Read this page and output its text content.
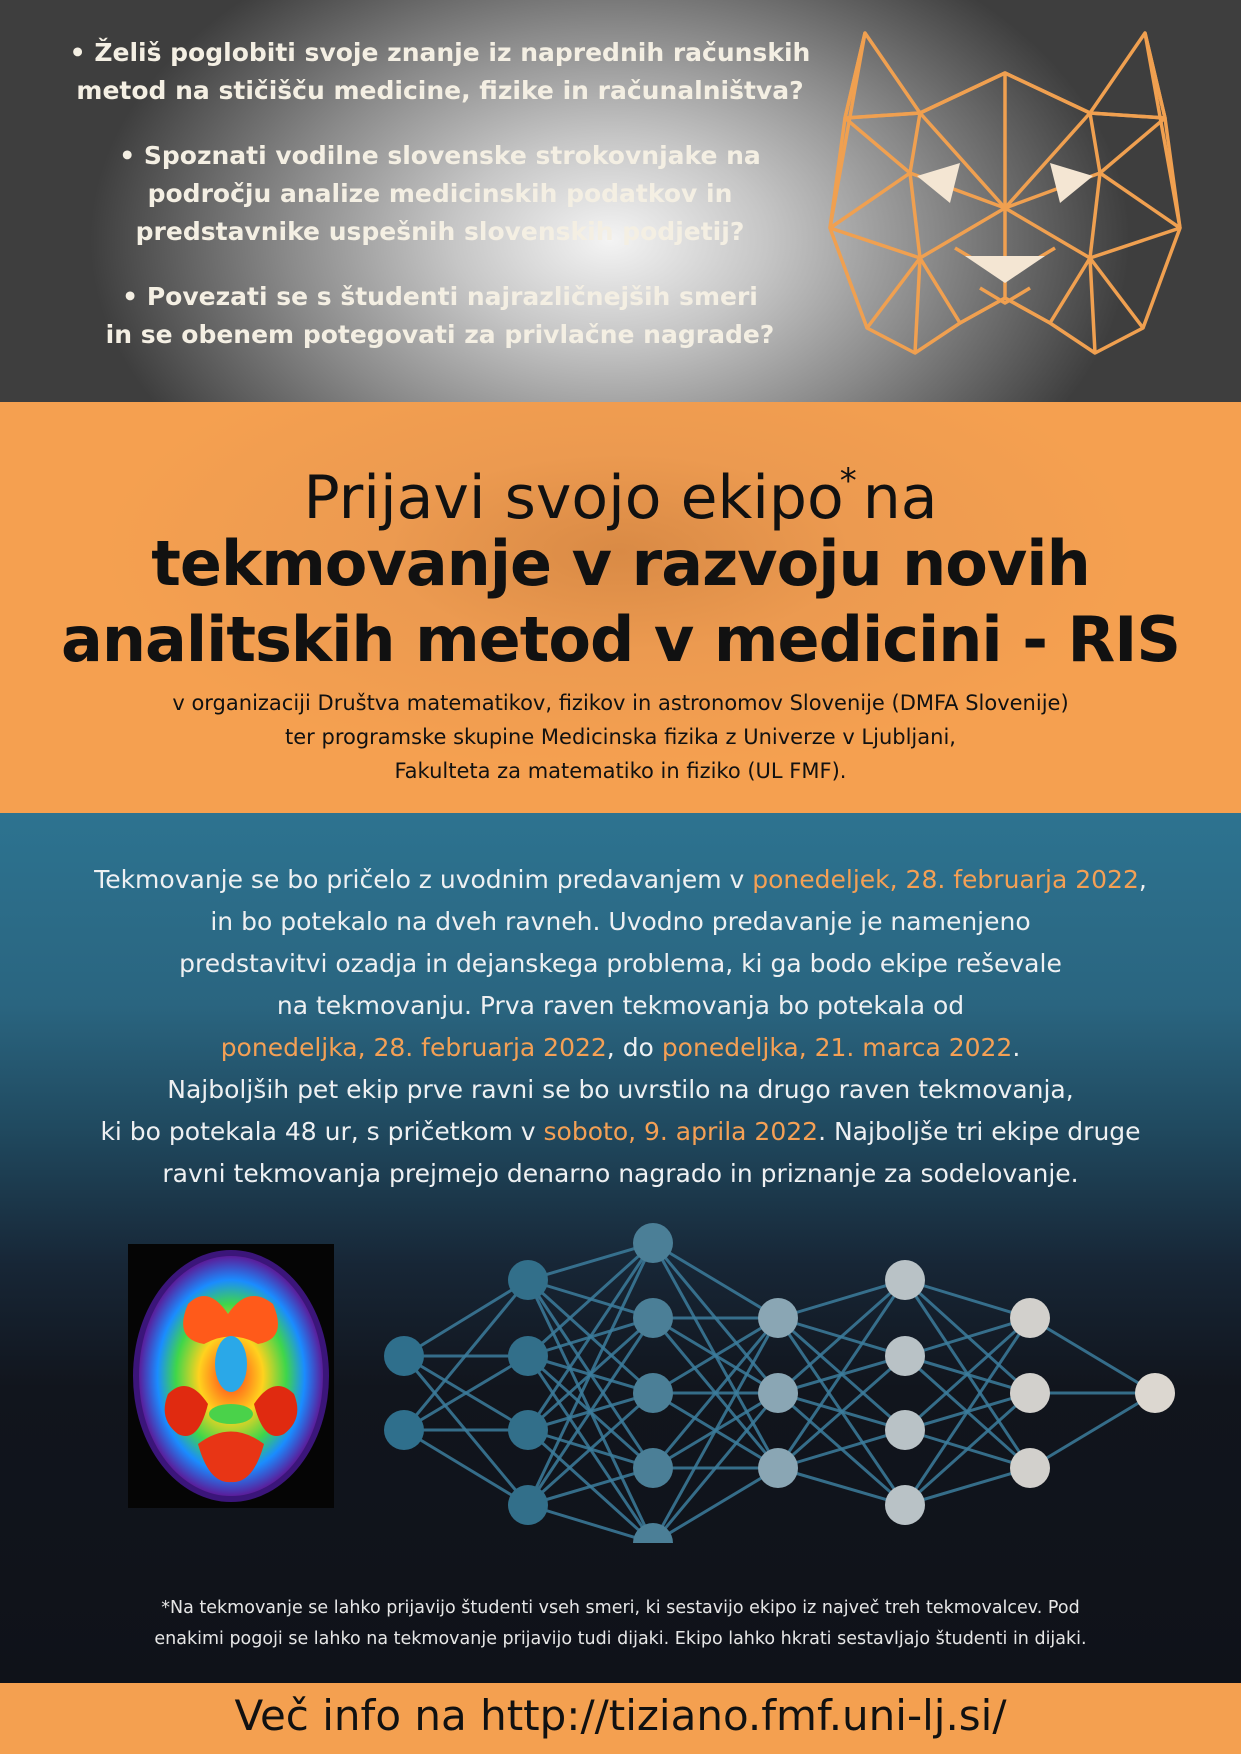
• Želiš poglobiti svoje znanje iz naprednih računskih
metod na stičišču medicine, fizike in računalništva?

• Spoznati vodilne slovenske strokovnjake na
področju analize medicinskih podatkov in
predstavnike uspešnih slovenskih podjetij?

• Povezati se s študenti najrazličnejših smeri
in se obenem potegovati za privlačne nagrade?

Prijavi svojo ekipo* na
tekmovanje v razvoju novih
analitskih metod v medicini - RIS
v organizaciji Društva matematikov, fizikov in astronomov Slovenije (DMFA Slovenije)
ter programske skupine Medicinska fizika z Univerze v Ljubljani,
Fakulteta za matematiko in fiziko (UL FMF).

Tekmovanje se bo pričelo z uvodnim predavanjem v ponedeljek, 28. februarja 2022,

in bo potekalo na dveh ravneh. Uvodno predavanje je namenjeno

predstavitvi ozadja in dejanskega problema, ki ga bodo ekipe reševale

na tekmovanju. Prva raven tekmovanja bo potekala od

ponedeljka, 28. februarja 2022, do ponedeljka, 21. marca 2022.

Najboljših pet ekip prve ravni se bo uvrstilo na drugo raven tekmovanja,

ki bo potekala 48 ur, s pričetkom v soboto, 9. aprila 2022. Najboljše tri ekipe druge

ravni tekmovanja prejmejo denarno nagrado in priznanje za sodelovanje.

*Na tekmovanje se lahko prijavijo študenti vseh smeri, ki sestavijo ekipo iz največ treh tekmovalcev. Pod
enakimi pogoji se lahko na tekmovanje prijavijo tudi dijaki. Ekipo lahko hkrati sestavljajo študenti in dijaki.
Več info na http://tiziano.fmf.uni-lj.si/
